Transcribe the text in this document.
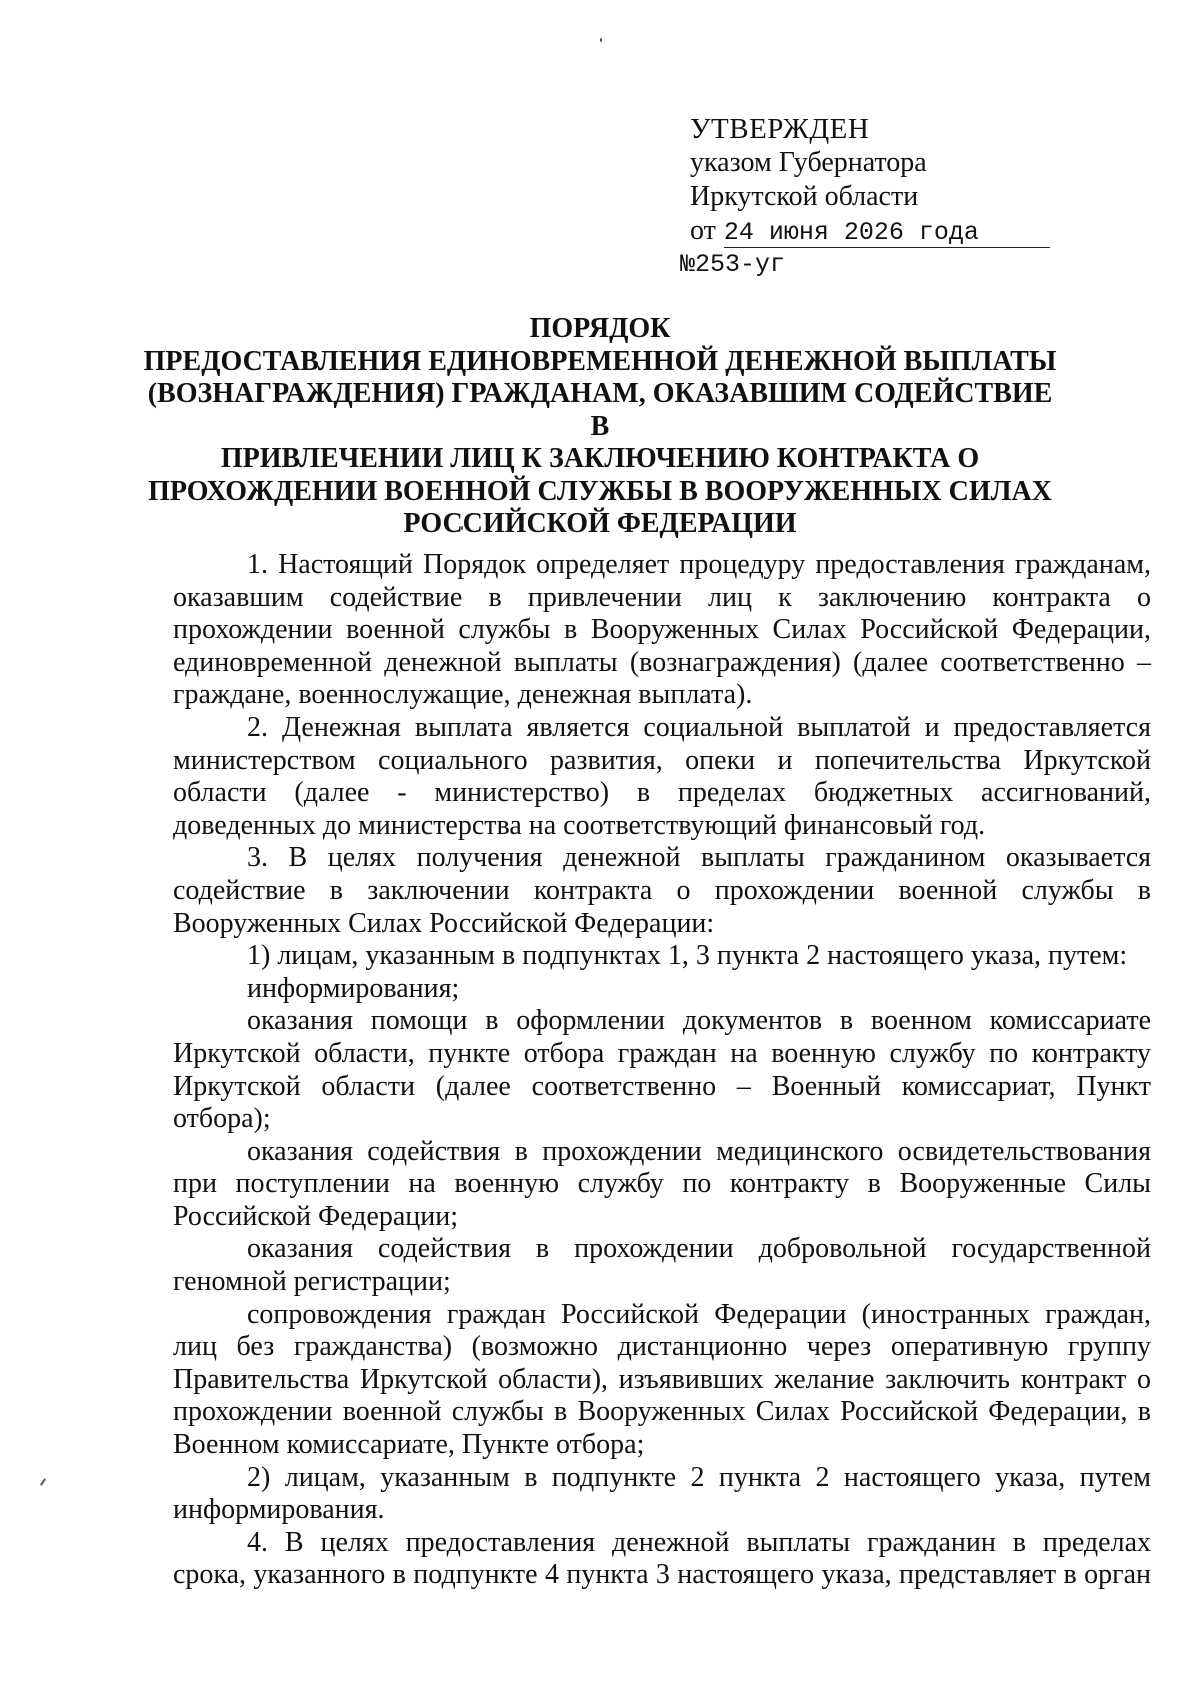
УТВЕРЖДЕН
указом Губернатора
Иркутской области
от 24 июня 2026 года
№253-уг
ПОРЯДОК
ПРЕДОСТАВЛЕНИЯ ЕДИНОВРЕМЕННОЙ ДЕНЕЖНОЙ ВЫПЛАТЫ
(ВОЗНАГРАЖДЕНИЯ) ГРАЖДАНАМ, ОКАЗАВШИМ СОДЕЙСТВИЕ В
ПРИВЛЕЧЕНИИ ЛИЦ К ЗАКЛЮЧЕНИЮ КОНТРАКТА О
ПРОХОЖДЕНИИ ВОЕННОЙ СЛУЖБЫ В ВООРУЖЕННЫХ СИЛАХ
РОССИЙСКОЙ ФЕДЕРАЦИИ

1. Настоящий Порядок определяет процедуру предоставления гражданам, оказавшим содействие в привлечении лиц к заключению контракта о прохождении военной службы в Вооруженных Силах Российской Федерации, единовременной денежной выплаты (вознаграждения) (далее соответственно – граждане, военнослужащие, денежная выплата).

2. Денежная выплата является социальной выплатой и предоставляется министерством социального развития, опеки и попечительства Иркутской области (далее - министерство) в пределах бюджетных ассигнований, доведенных до министерства на соответствующий финансовый год.

3. В целях получения денежной выплаты гражданином оказывается содействие в заключении контракта о прохождении военной службы в Вооруженных Силах Российской Федерации:

1) лицам, указанным в подпунктах 1, 3 пункта 2 настоящего указа, путем:

информирования;

оказания помощи в оформлении документов в военном комиссариате Иркутской области, пункте отбора граждан на военную службу по контракту Иркутской области (далее соответственно – Военный комиссариат, Пункт отбора);

оказания содействия в прохождении медицинского освидетельствования при поступлении на военную службу по контракту в Вооруженные Силы Российской Федерации;

оказания содействия в прохождении добровольной государственной геномной регистрации;

сопровождения граждан Российской Федерации (иностранных граждан, лиц без гражданства) (возможно дистанционно через оперативную группу Правительства Иркутской области), изъявивших желание заключить контракт о прохождении военной службы в Вооруженных Силах Российской Федерации, в Военном комиссариате, Пункте отбора;

2) лицам, указанным в подпункте 2 пункта 2 настоящего указа, путем информирования.

4. В целях предоставления денежной выплаты гражданин в пределах срока, указанного в подпункте 4 пункта 3 настоящего указа, представляет в орган
